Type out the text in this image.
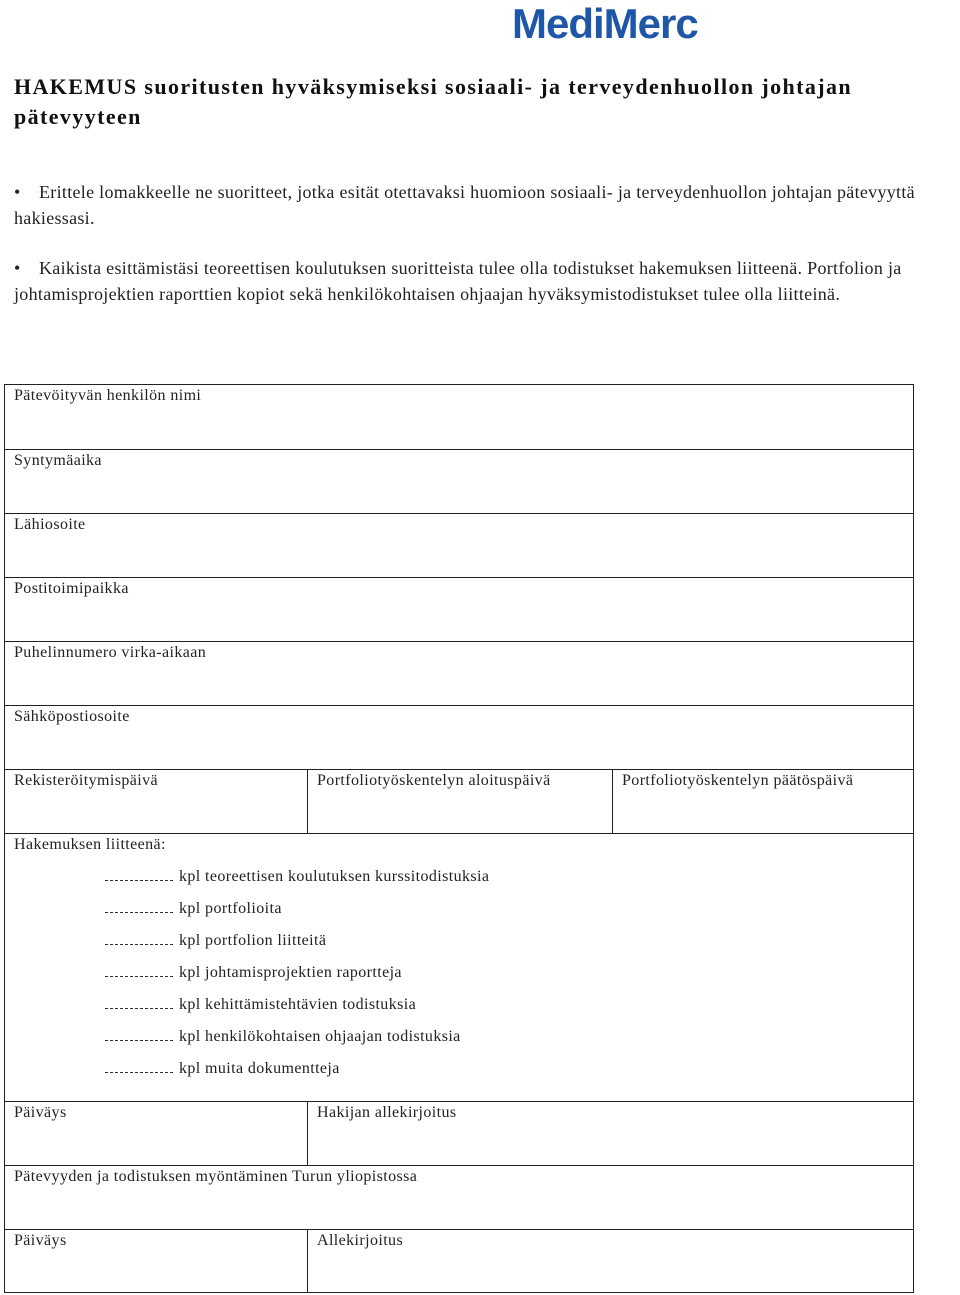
MediMerc
HAKEMUS suoritusten hyväksymiseksi sosiaali- ja terveydenhuollon johtajan pätevyyteen
• Erittele lomakkeelle ne suoritteet, jotka esität otettavaksi huomioon sosiaali- ja terveydenhuollon johtajan pätevyyttä hakiessasi.
• Kaikista esittämistäsi teoreettisen koulutuksen suoritteista tulee olla todistukset hakemuksen liitteenä. Portfolion ja johtamisprojektien raporttien kopiot sekä henkilökohtaisen ohjaajan hyväksymistodistukset tulee olla liitteinä.
Pätevöityvän henkilön nimi
Syntymäaika
Lähiosoite
Postitoimipaikka
Puhelinnumero virka-aikaan
Sähköpostiosoite
Rekisteröitymispäivä	Portfoliotyöskentelyn aloituspäivä	Portfoliotyöskentelyn päätöspäivä
Hakemuksen liitteenä:
kpl teoreettisen koulutuksen kurssitodistuksia
kpl portfolioita
kpl portfolion liitteitä
kpl johtamisprojektien raportteja
kpl kehittämistehtävien todistuksia
kpl henkilökohtaisen ohjaajan todistuksia
kpl muita dokumentteja
Päiväys	Hakijan allekirjoitus
Pätevyyden ja todistuksen myöntäminen Turun yliopistossa
Päiväys	Allekirjoitus
